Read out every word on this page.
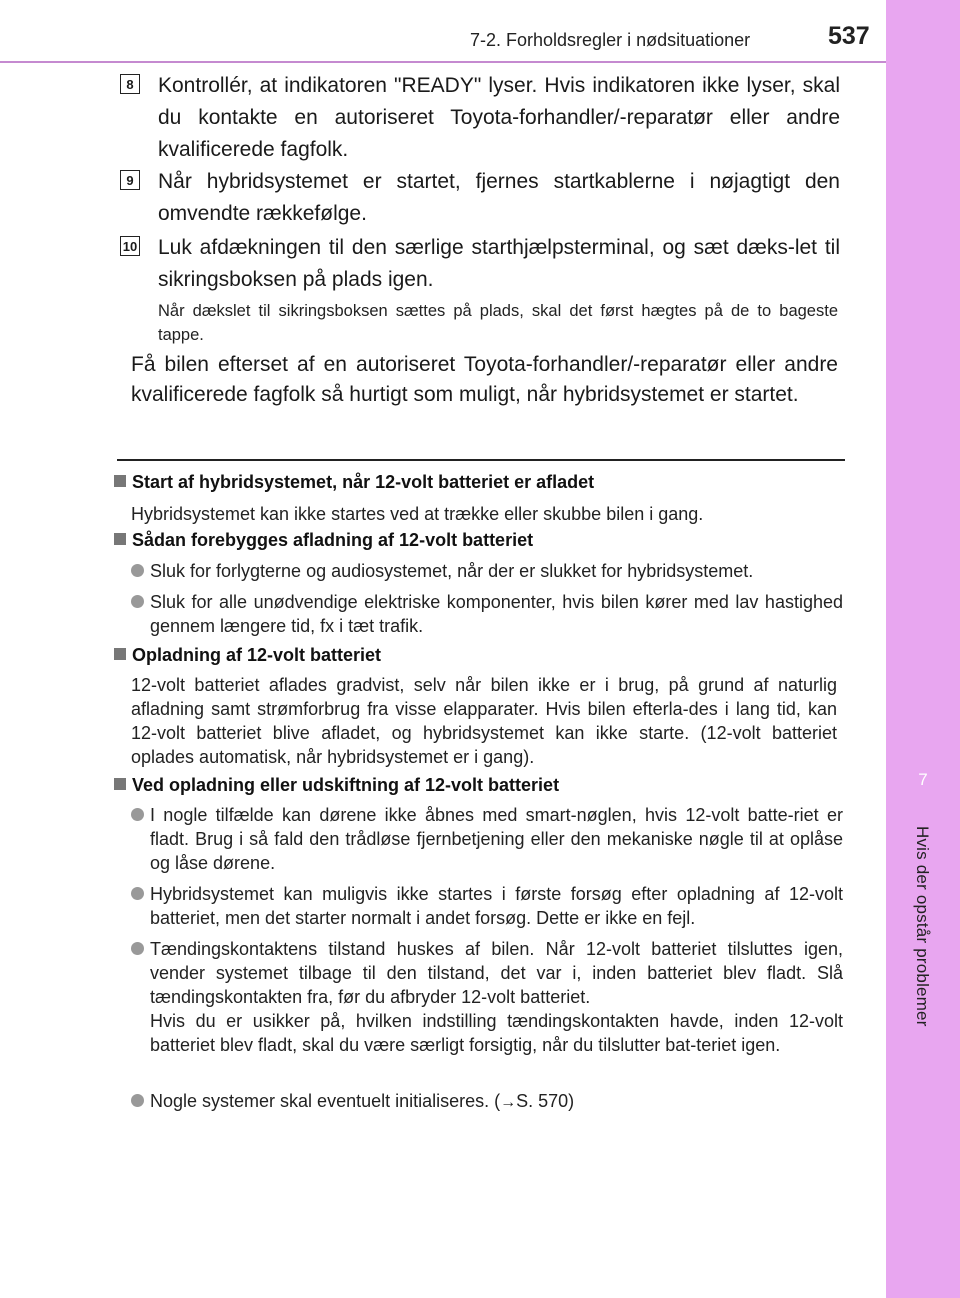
7
Hvis der opstår problemer
7-2. Forholdsregler i nødsituationer	537
8	Kontrollér, at indikatoren "READY" lyser. Hvis indikatoren ikke lyser, skal du kontakte en autoriseret Toyota-forhandler/-reparatør eller andre kvalificerede fagfolk.
9	Når hybridsystemet er startet, fjernes startkablerne i nøjagtigt den omvendte rækkefølge.
10 Luk afdækningen til den særlige starthjælpsterminal, og sæt dæks-let til sikringsboksen på plads igen.
Når dækslet til sikringsboksen sættes på plads, skal det først hægtes på de to bageste tappe.
Få bilen efterset af en autoriseret Toyota-forhandler/-reparatør eller andre kvalificerede fagfolk så hurtigt som muligt, når hybridsystemet er startet.
Start af hybridsystemet, når 12-volt batteriet er afladet
Hybridsystemet kan ikke startes ved at trække eller skubbe bilen i gang.
Sådan forebygges afladning af 12-volt batteriet
Sluk for forlygterne og audiosystemet, når der er slukket for hybridsystemet.
Sluk for alle unødvendige elektriske komponenter, hvis bilen kører med lav hastighed gennem længere tid, fx i tæt trafik.
Opladning af 12-volt batteriet
12-volt batteriet aflades gradvist, selv når bilen ikke er i brug, på grund af naturlig afladning samt strømforbrug fra visse elapparater. Hvis bilen efterla-des i lang tid, kan 12-volt batteriet blive afladet, og hybridsystemet kan ikke starte. (12-volt batteriet oplades automatisk, når hybridsystemet er i gang).
Ved opladning eller udskiftning af 12-volt batteriet
I nogle tilfælde kan dørene ikke åbnes med smart-nøglen, hvis 12-volt batte-riet er fladt. Brug i så fald den trådløse fjernbetjening eller den mekaniske nøgle til at oplåse og låse dørene.
Hybridsystemet kan muligvis ikke startes i første forsøg efter opladning af 12-volt batteriet, men det starter normalt i andet forsøg. Dette er ikke en fejl.
Tændingskontaktens tilstand huskes af bilen. Når 12-volt batteriet tilsluttes igen, vender systemet tilbage til den tilstand, det var i, inden batteriet blev fladt. Slå tændingskontakten fra, før du afbryder 12-volt batteriet.
Hvis du er usikker på, hvilken indstilling tændingskontakten havde, inden 12-volt batteriet blev fladt, skal du være særligt forsigtig, når du tilslutter bat-teriet igen.
Nogle systemer skal eventuelt initialiseres. (→S. 570)
